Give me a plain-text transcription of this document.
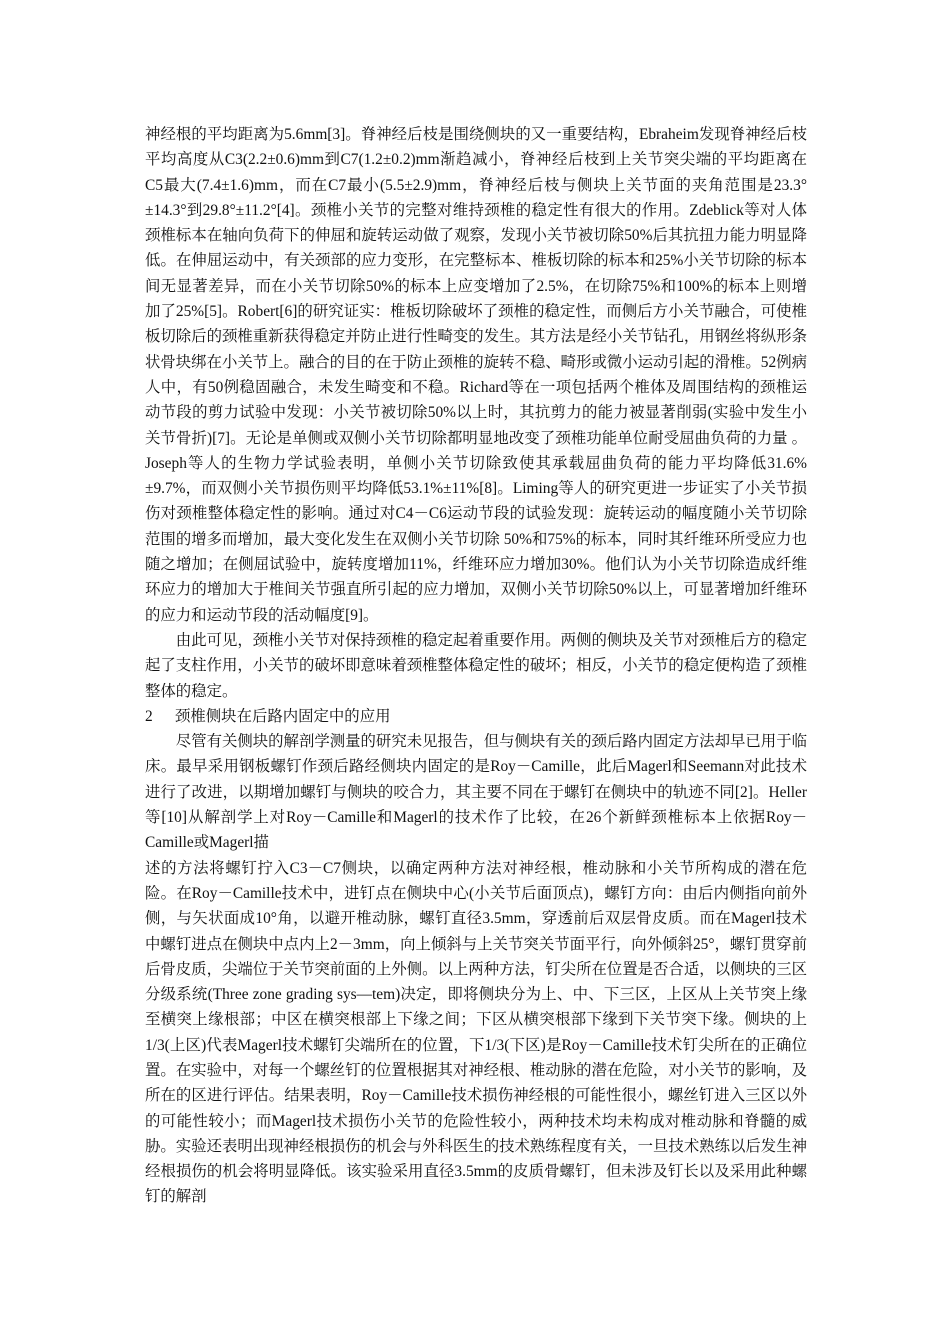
神经根的平均距离为5.6mm[3]。脊神经后枝是围绕侧块的又一重要结构，Ebraheim发现脊神经后枝平均高度从C3(2.2±0.6)mm到C7(1.2±0.2)mm渐趋减小，脊神经后枝到上关节突尖端的平均距离在C5最大(7.4±1.6)mm，而在C7最小(5.5±2.9)mm，脊神经后枝与侧块上关节面的夹角范围是23.3°±14.3°到29.8°±11.2°[4]。颈椎小关节的完整对维持颈椎的稳定性有很大的作用。Zdeblick等对人体颈椎标本在轴向负荷下的伸屈和旋转运动做了观察，发现小关节被切除50%后其抗扭力能力明显降低。在伸屈运动中，有关颈部的应力变形，在完整标本、椎板切除的标本和25%小关节切除的标本间无显著差异，而在小关节切除50%的标本上应变增加了2.5%，在切除75%和100%的标本上则增加了25%[5]。Robert[6]的研究证实：椎板切除破坏了颈椎的稳定性，而侧后方小关节融合，可使椎板切除后的颈椎重新获得稳定并防止进行性畸变的发生。其方法是经小关节钻孔，用钢丝将纵形条状骨块绑在小关节上。融合的目的在于防止颈椎的旋转不稳、畸形或微小运动引起的滑椎。52例病人中，有50例稳固融合，未发生畸变和不稳。Richard等在一项包括两个椎体及周围结构的颈椎运动节段的剪力试验中发现：小关节被切除50%以上时，其抗剪力的能力被显著削弱(实验中发生小关节骨折)[7]。无论是单侧或双侧小关节切除都明显地改变了颈椎功能单位耐受屈曲负荷的力量 。Joseph等人的生物力学试验表明，单侧小关节切除致使其承载屈曲负荷的能力平均降低31.6%±9.7%，而双侧小关节损伤则平均降低53.1%±11%[8]。Liming等人的研究更进一步证实了小关节损伤对颈椎整体稳定性的影响。通过对C4－C6运动节段的试验发现：旋转运动的幅度随小关节切除范围的增多而增加，最大变化发生在双侧小关节切除 50%和75%的标本，同时其纤维环所受应力也随之增加；在侧屈试验中，旋转度增加11%，纤维环应力增加30%。他们认为小关节切除造成纤维环应力的增加大于椎间关节强直所引起的应力增加，双侧小关节切除50%以上，可显著增加纤维环的应力和运动节段的活动幅度[9]。

由此可见，颈椎小关节对保持颈椎的稳定起着重要作用。两侧的侧块及关节对颈椎后方的稳定起了支柱作用，小关节的破坏即意味着颈椎整体稳定性的破坏；相反，小关节的稳定便构造了颈椎整体的稳定。

2 颈椎侧块在后路内固定中的应用

尽管有关侧块的解剖学测量的研究未见报告，但与侧块有关的颈后路内固定方法却早已用于临床。最早采用钢板螺钉作颈后路经侧块内固定的是Roy－Camille，此后Magerl和Seemann对此技术进行了改进，以期增加螺钉与侧块的咬合力，其主要不同在于螺钉在侧块中的轨迹不同[2]。Heller等[10]从解剖学上对Roy－Camille和Magerl的技术作了比较，在26个新鲜颈椎标本上依据Roy－Camille或Magerl描

述的方法将螺钉拧入C3－C7侧块，以确定两种方法对神经根，椎动脉和小关节所构成的潜在危险。在Roy－Camille技术中，进钉点在侧块中心(小关节后面顶点)，螺钉方向：由后内侧指向前外侧，与矢状面成10°角，以避开椎动脉，螺钉直径3.5mm，穿透前后双层骨皮质。而在Magerl技术中螺钉进点在侧块中点内上2－3mm，向上倾斜与上关节突关节面平行，向外倾斜25°，螺钉贯穿前后骨皮质，尖端位于关节突前面的上外侧。以上两种方法，钉尖所在位置是否合适，以侧块的三区分级系统(Three zone grading sys—tem)决定，即将侧块分为上、中、下三区，上区从上关节突上缘至横突上缘根部；中区在横突根部上下缘之间；下区从横突根部下缘到下关节突下缘。侧块的上1/3(上区)代表Magerl技术螺钉尖端所在的位置，下1/3(下区)是Roy－Camille技术钉尖所在的正确位置。在实验中，对每一个螺丝钉的位置根据其对神经根、椎动脉的潜在危险，对小关节的影响，及所在的区进行评估。结果表明，Roy－Camille技术损伤神经根的可能性很小，螺丝钉进入三区以外的可能性较小；而Magerl技术损伤小关节的危险性较小，两种技术均未构成对椎动脉和脊髓的威胁。实验还表明出现神经根损伤的机会与外科医生的技术熟练程度有关，一旦技术熟练以后发生神经根损伤的机会将明显降低。该实验采用直径3.5mm的皮质骨螺钉，但未涉及钉长以及采用此种螺钉的解剖
